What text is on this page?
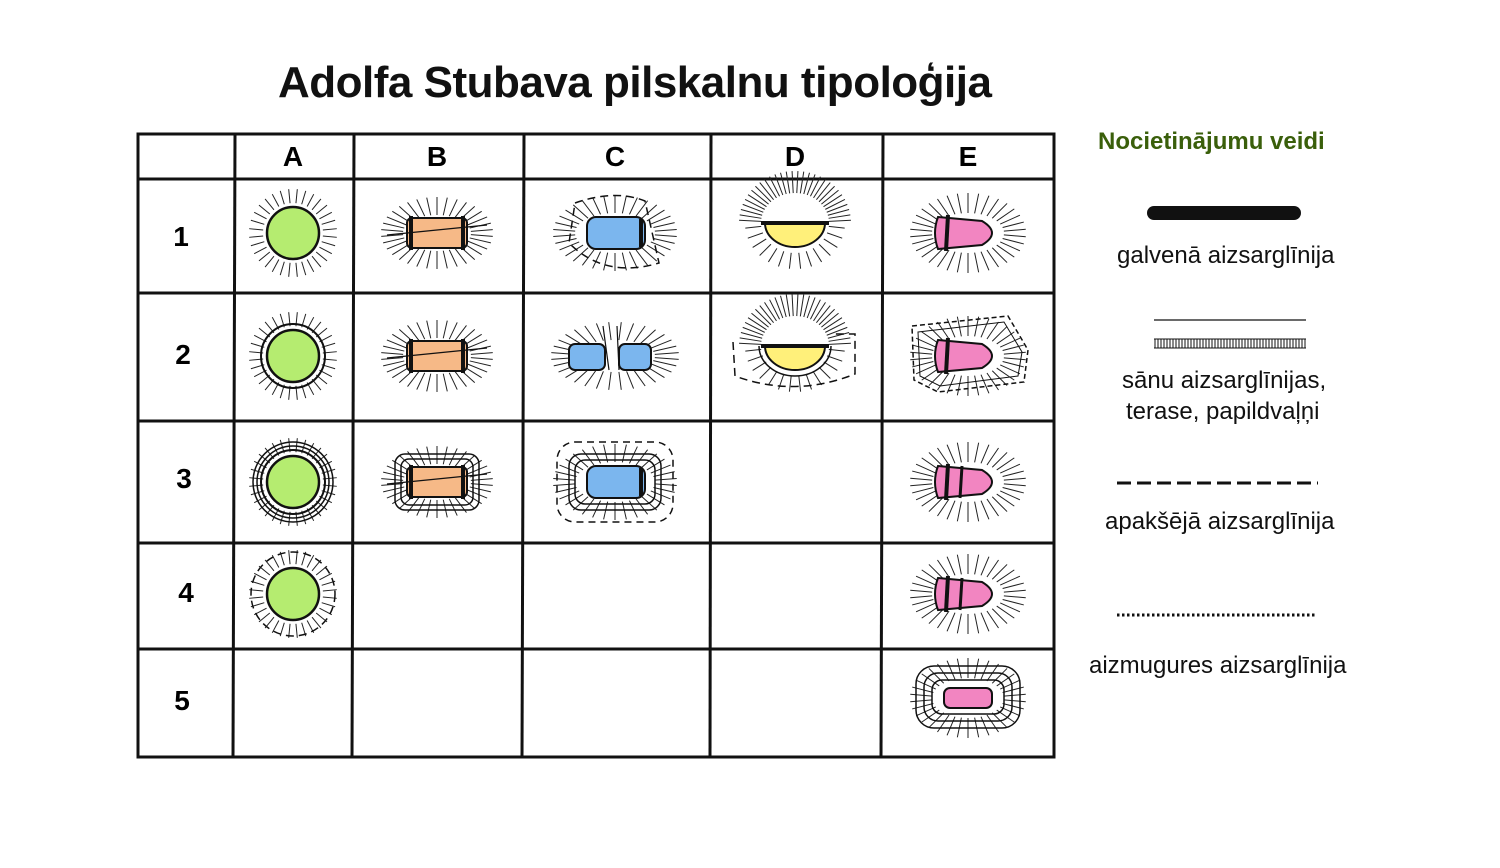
Adolfa Stubava pilskalnu tipoloģija
A	B	C	D	E
1
2
3
4
5
Nocietinājumu veidi
galvenā aizsarglīnija
sānu aizsarglīnijas,
terase, papildvaļņi
apakšējā aizsarglīnija
aizmugures aizsarglīnija
